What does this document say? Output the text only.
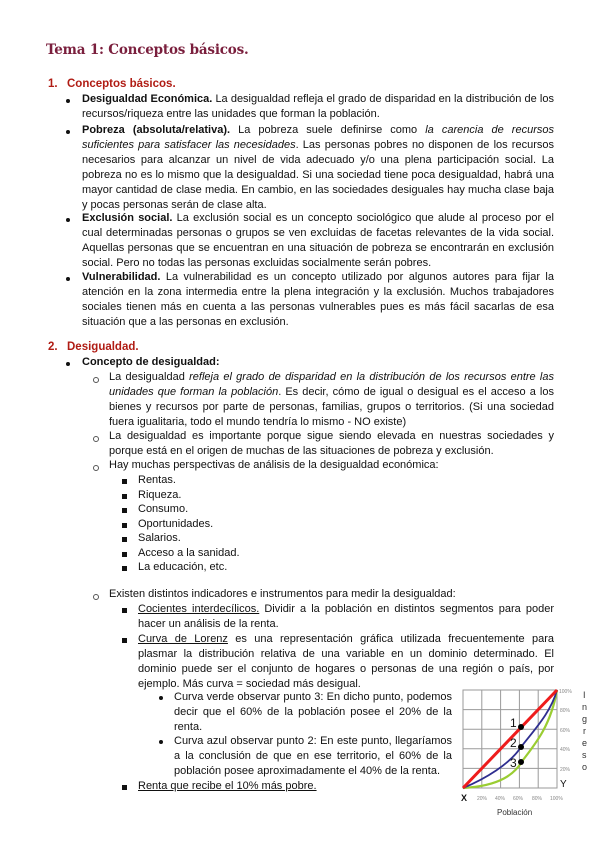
Tema 1: Conceptos básicos.
1. Conceptos básicos.
Desigualdad Económica. La desigualdad refleja el grado de disparidad en la distribución de los recursos/riqueza entre las unidades que forman la población.
Pobreza (absoluta/relativa). La pobreza suele definirse como la carencia de recursos suficientes para satisfacer las necesidades. Las personas pobres no disponen de los recursos necesarios para alcanzar un nivel de vida adecuado y/o una plena participación social. La pobreza no es lo mismo que la desigualdad. Si una sociedad tiene poca desigualdad, habrá una mayor cantidad de clase media. En cambio, en las sociedades desiguales hay mucha clase baja y pocas personas serán de clase alta.
Exclusión social. La exclusión social es un concepto sociológico que alude al proceso por el cual determinadas personas o grupos se ven excluidas de facetas relevantes de la vida social. Aquellas personas que se encuentran en una situación de pobreza se encontrarán en exclusión social. Pero no todas las personas excluidas socialmente serán pobres.
Vulnerabilidad. La vulnerabilidad es un concepto utilizado por algunos autores para fijar la atención en la zona intermedia entre la plena integración y la exclusión. Muchos trabajadores sociales tienen más en cuenta a las personas vulnerables pues es más fácil sacarlas de esa situación que a las personas en exclusión.
2. Desigualdad.
Concepto de desigualdad:
La desigualdad refleja el grado de disparidad en la distribución de los recursos entre las unidades que forman la población. Es decir, cómo de igual o desigual es el acceso a los bienes y recursos por parte de personas, familias, grupos o territorios. (Si una sociedad fuera igualitaria, todo el mundo tendría lo mismo - NO existe)
La desigualdad es importante porque sigue siendo elevada en nuestras sociedades y porque está en el origen de muchas de las situaciones de pobreza y exclusión.
Hay muchas perspectivas de análisis de la desigualdad económica:
Rentas.
Riqueza.
Consumo.
Oportunidades.
Salarios.
Acceso a la sanidad.
La educación, etc.
Existen distintos indicadores e instrumentos para medir la desigualdad:
Cocientes interdecílicos. Dividir a la población en distintos segmentos para poder hacer un análisis de la renta.
Curva de Lorenz es una representación gráfica utilizada frecuentemente para plasmar la distribución relativa de una variable en un dominio determinado. El dominio puede ser el conjunto de hogares o personas de una región o país, por ejemplo. Más curva = sociedad más desigual.
Curva verde observar punto 3: En dicho punto, podemos decir que el 60% de la población posee el 20% de la renta.
Curva azul observar punto 2: En este punto, llegaríamos a la conclusión de que en ese territorio, el 60% de la población posee aproximadamente el 40% de la renta.
Renta que recibe el 10% más pobre.
1
2
3
100%
80%
60%
40%
20%
Y
I
n
g
r
e
s
o
X 20% 40% 60% 80% 100%
Población
